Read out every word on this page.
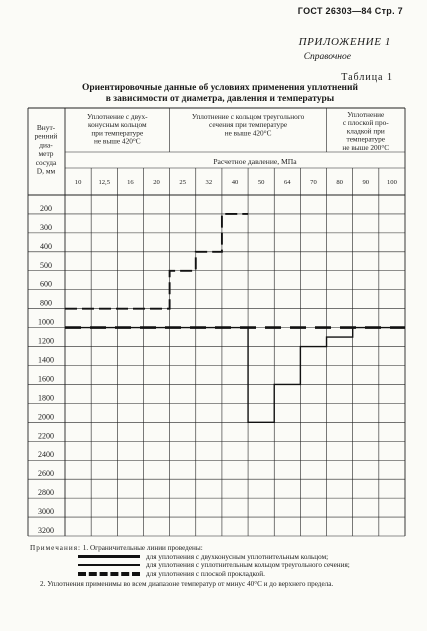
ГОСТ 26303—84 Стр. 7
ПРИЛОЖЕНИЕ 1
Справочное
Таблица 1
Ориентировочные данные об условиях применения уплотнений
в зависимости от диаметра, давления и температуры
Внут-
ренний
диа-
метр
сосуда
D, мм
Уплотнение с двух-
конусным кольцом
при температуре
не выше 420°С
Уплотнение с кольцом треугольного
сечения при температуре
не выше 420°С
Уплотнение
с плоской про-
кладкой при
температуре
не выше 200°С
Расчетное давление, МПа
10	12,5	16	20	25	32	40	50	64	70	80	90	100
200
300
400
500
600
800
1000
1200
1400
1600
1800
2000
2200
2400
2600
2800
3000
3200
Примечания: 1. Ограничительные линии проведены:
для уплотнения с двухконусным уплотнительным кольцом;
для уплотнения с уплотнительным кольцом треугольного сечения;
для уплотнения с плоской прокладкой.
2. Уплотнения применимы во всем диапазоне температур от минус 40°С и до верхнего предела.
